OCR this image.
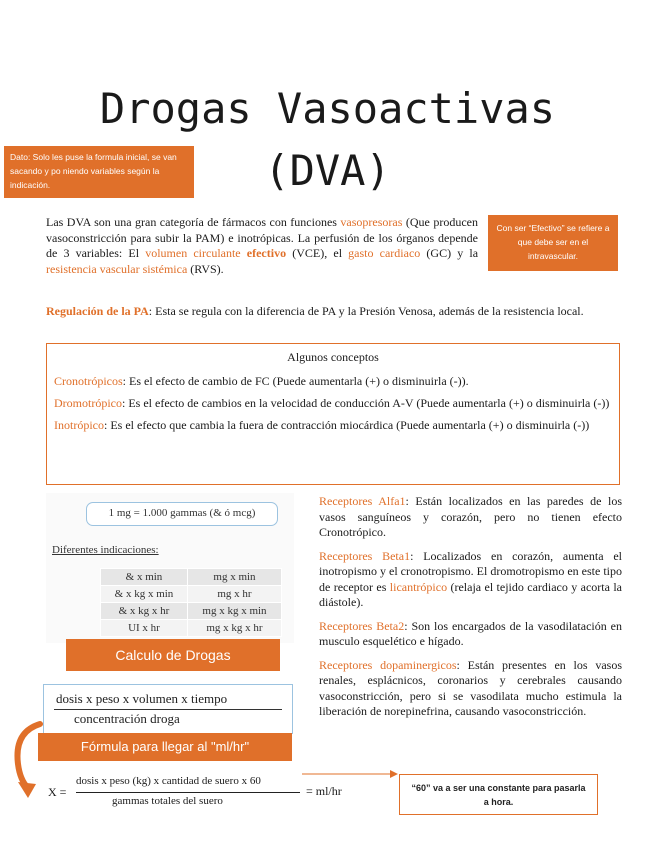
Drogas Vasoactivas
(DVA)
Dato: Solo les puse la formula inicial, se van sacando y po niendo variables según la indicación.
Con ser “Efectivo” se refiere a que debe ser en el intravascular.
Las DVA son una gran categoría de fármacos con funciones vasopresoras (Que producen vasoconstricción para subir la PAM) e inotrópicas. La perfusión de los órganos depende de 3 variables: El volumen circulante efectivo (VCE), el gasto cardiaco (GC) y la resistencia vascular sistémica (RVS).
Regulación de la PA: Esta se regula con la diferencia de PA y la Presión Venosa, además de la resistencia local.
Algunos conceptos

Cronotrópicos: Es el efecto de cambio de FC (Puede aumentarla (+) o disminuirla (-)).

Dromotrópico: Es el efecto de cambios en la velocidad de conducción A-V (Puede aumentarla (+) o disminuirla (-))

Inotrópico: Es el efecto que cambia la fuera de contracción miocárdica (Puede aumentarla (+) o disminuirla (-))

1 mg = 1.000 gammas (& ó mcg)
Diferentes indicaciones:
& x min	mg x min
& x kg x min	mg x hr
& x kg x hr	mg x kg x min
UI x hr	mg x kg x hr
Calculo de Drogas
dosis x peso x volumen x tiempo
concentración droga
Fórmula para llegar al "ml/hr"
X =
dosis x peso (kg) x cantidad de suero x 60
gammas totales del suero
= ml/hr	“60” va a ser una constante para pasarla a hora.

Receptores Alfa1: Están localizados en las paredes de los vasos sanguíneos y corazón, pero no tienen efecto Cronotrópico.

Receptores Beta1: Localizados en corazón, aumenta el inotropismo y el cronotropismo. El dromotropismo en este tipo de receptor es licantrópico (relaja el tejido cardiaco y acorta la diástole).

Receptores Beta2: Son los encargados de la vasodilatación en musculo esquelético e hígado.

Receptores dopaminergicos: Están presentes en los vasos renales, esplácnicos, coronarios y cerebrales causando vasoconstricción, pero si se vasodilata mucho estimula la liberación de norepinefrina, causando vasoconstricción.
